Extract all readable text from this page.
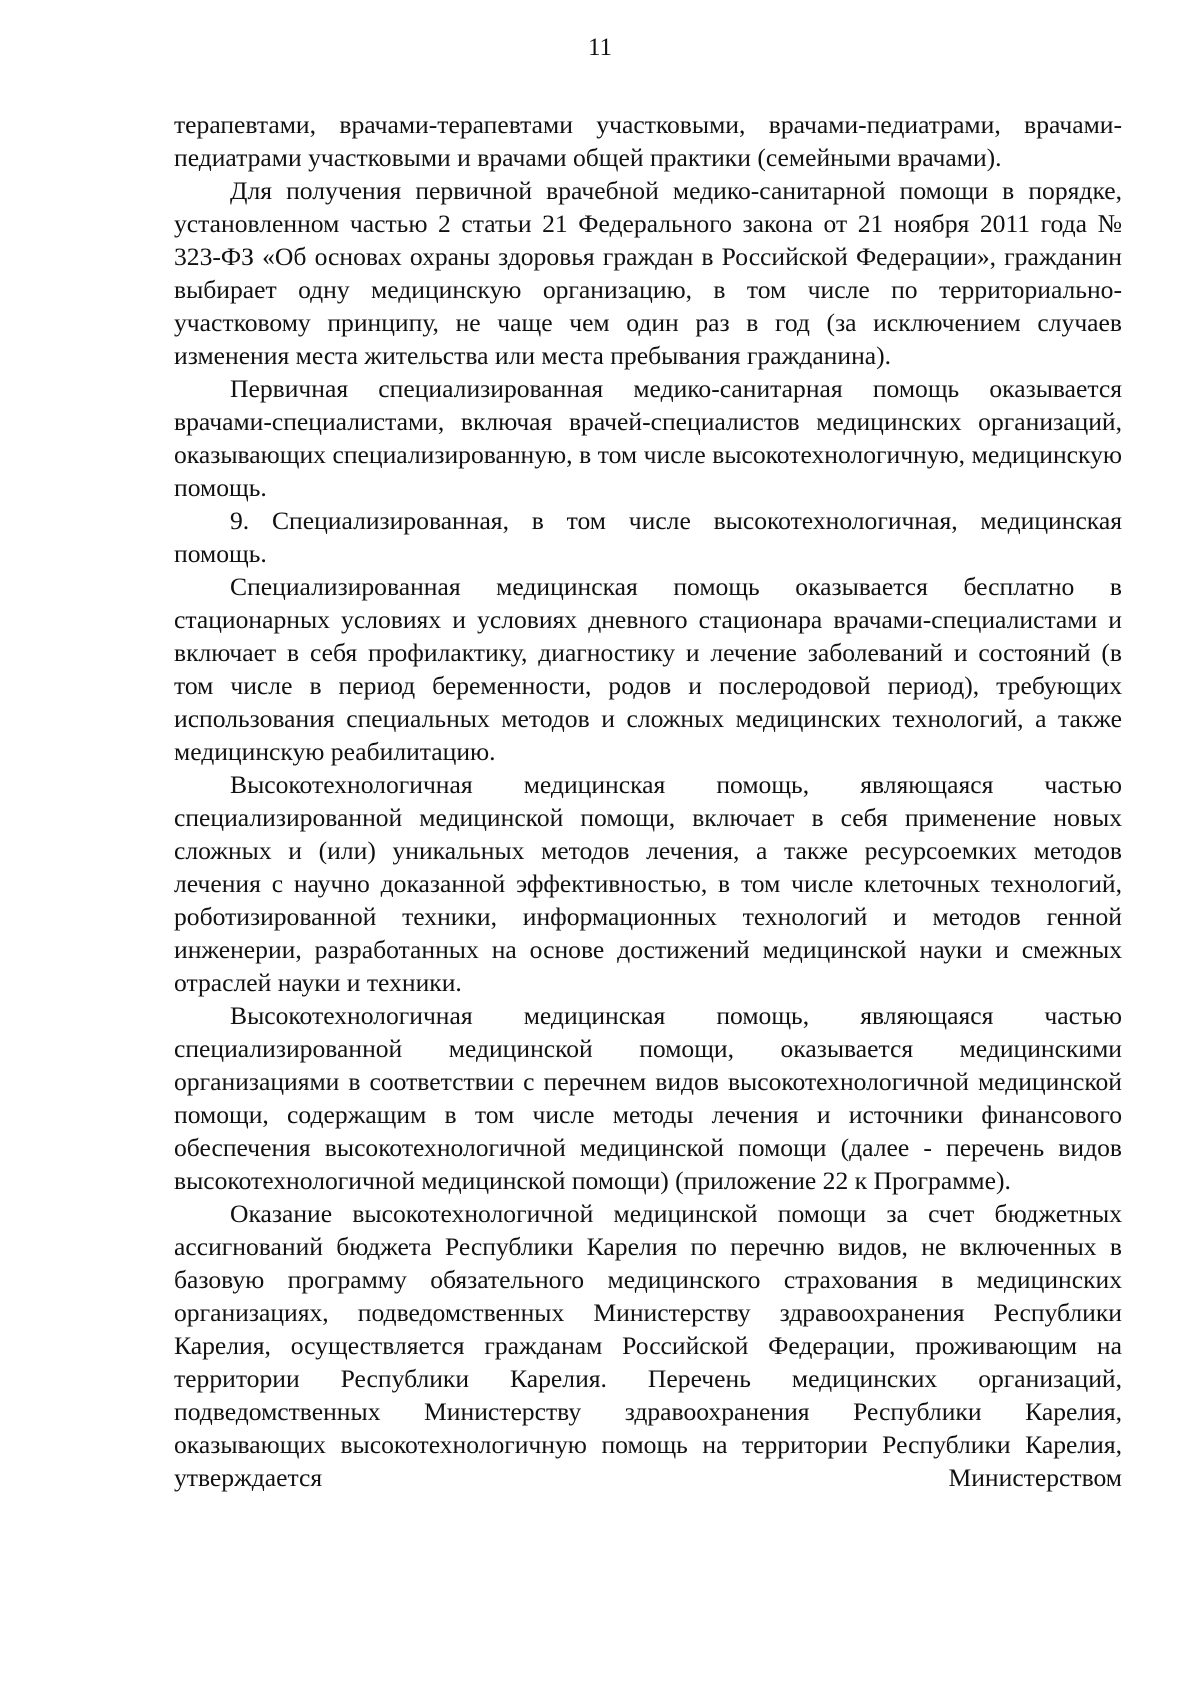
11

терапевтами, врачами-терапевтами участковыми, врачами-педиатрами, врачами-педиатрами участковыми и врачами общей практики (семейными врачами).

Для получения первичной врачебной медико-санитарной помощи в порядке, установленном частью 2 статьи 21 Федерального закона от 21 ноября 2011 года № 323-ФЗ «Об основах охраны здоровья граждан в Российской Федерации», гражданин выбирает одну медицинскую организацию, в том числе по территориально-участковому принципу, не чаще чем один раз в год (за исключением случаев изменения места жительства или места пребывания гражданина).

Первичная специализированная медико-санитарная помощь оказывается врачами-специалистами, включая врачей-специалистов медицинских организаций, оказывающих специализированную, в том числе высокотехнологичную, медицинскую помощь.

9. Специализированная, в том числе высокотехнологичная, медицинская помощь.

Специализированная медицинская помощь оказывается бесплатно в стационарных условиях и условиях дневного стационара врачами-специалистами и включает в себя профилактику, диагностику и лечение заболеваний и состояний (в том числе в период беременности, родов и послеродовой период), требующих использования специальных методов и сложных медицинских технологий, а также медицинскую реабилитацию.

Высокотехнологичная медицинская помощь, являющаяся частью специализированной медицинской помощи, включает в себя применение новых сложных и (или) уникальных методов лечения, а также ресурсоемких методов лечения с научно доказанной эффективностью, в том числе клеточных технологий, роботизированной техники, информационных технологий и методов генной инженерии, разработанных на основе достижений медицинской науки и смежных отраслей науки и техники.

Высокотехнологичная медицинская помощь, являющаяся частью специализированной медицинской помощи, оказывается медицинскими организациями в соответствии с перечнем видов высокотехнологичной медицинской помощи, содержащим в том числе методы лечения и источники финансового обеспечения высокотехнологичной медицинской помощи (далее - перечень видов высокотехнологичной медицинской помощи) (приложение 22 к Программе).

Оказание высокотехнологичной медицинской помощи за счет бюджетных ассигнований бюджета Республики Карелия по перечню видов, не включенных в базовую программу обязательного медицинского страхования в медицинских организациях, подведомственных Министерству здравоохранения Республики Карелия, осуществляется гражданам Российской Федерации, проживающим на территории Республики Карелия. Перечень медицинских организаций, подведомственных Министерству здравоохранения Республики Карелия, оказывающих высокотехнологичную помощь на территории Республики Карелия, утверждается Министерством
